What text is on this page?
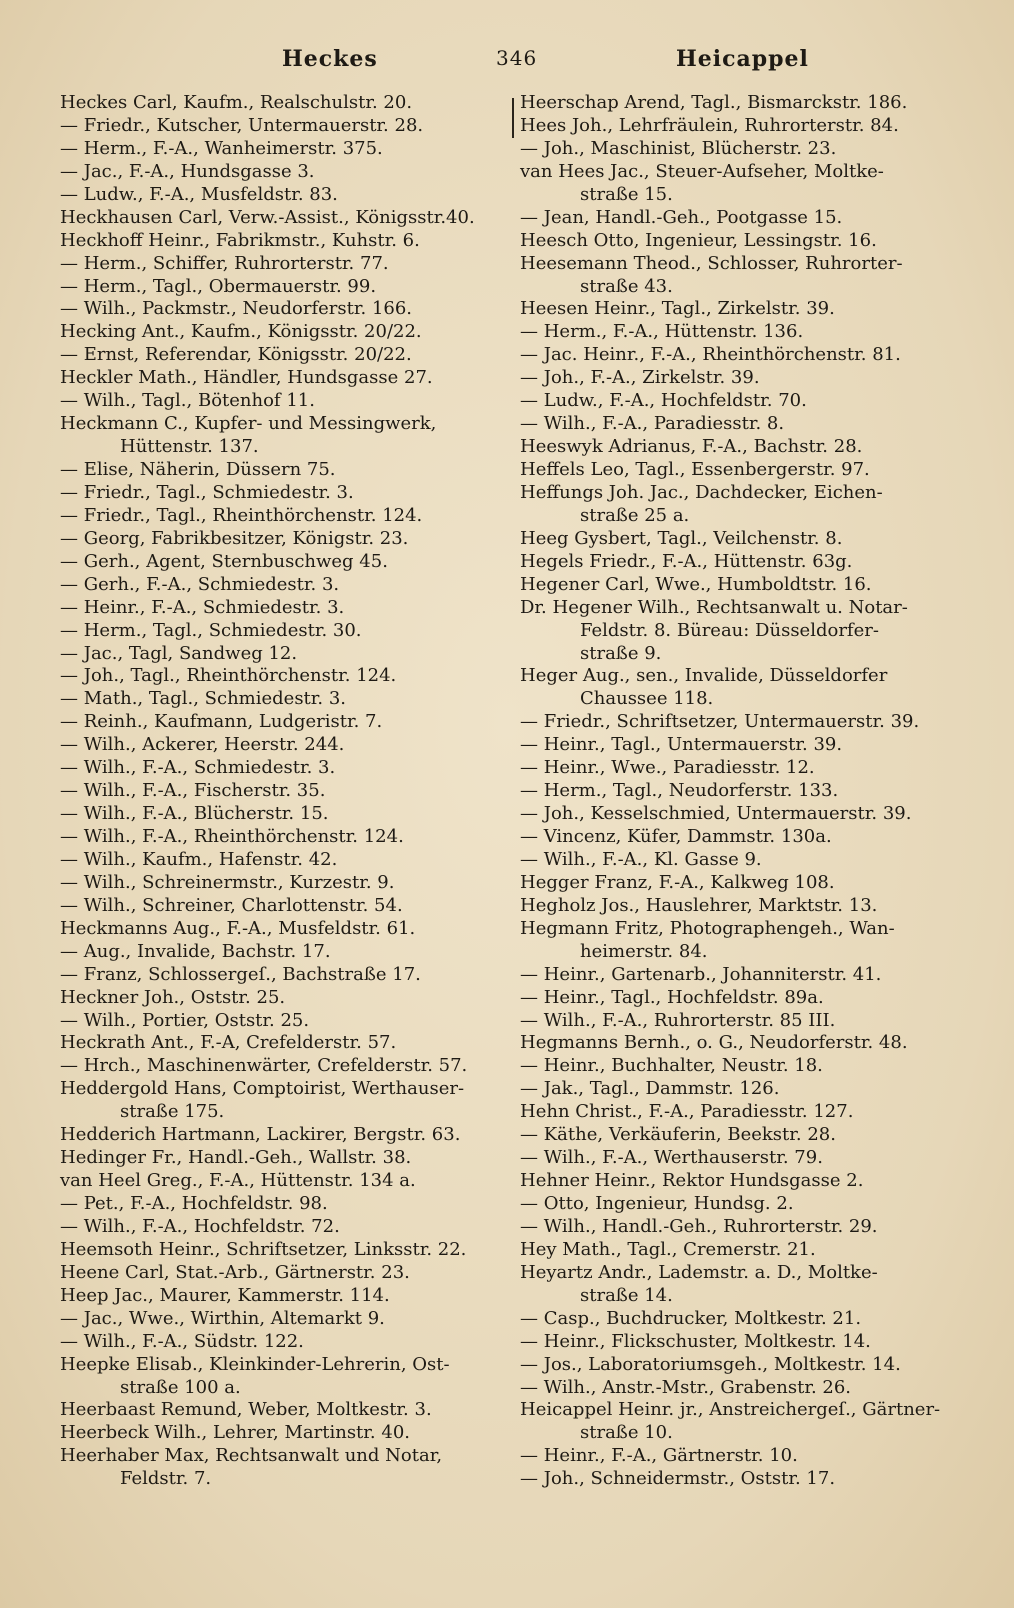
Heckes	346	Heicappel
Heckes Carl, Kaufm., Realschulstr. 20.
— Friedr., Kutscher, Untermauerstr. 28.
— Herm., F.-A., Wanheimerstr. 375.
— Jac., F.-A., Hundsgasse 3.
— Ludw., F.-A., Musfeldstr. 83.
Heckhausen Carl, Verw.-Assist., Königsstr.40.
Heckhoff Heinr., Fabrikmstr., Kuhstr. 6.
— Herm., Schiffer, Ruhrorterstr. 77.
— Herm., Tagl., Obermauerstr. 99.
— Wilh., Packmstr., Neudorferstr. 166.
Hecking Ant., Kaufm., Königsstr. 20/22.
— Ernst, Referendar, Königsstr. 20/22.
Heckler Math., Händler, Hundsgasse 27.
— Wilh., Tagl., Bötenhof 11.
Heckmann C., Kupfer- und Messingwerk,
Hüttenstr. 137.
— Elise, Näherin, Düssern 75.
— Friedr., Tagl., Schmiedestr. 3.
— Friedr., Tagl., Rheinthörchenstr. 124.
— Georg, Fabrikbesitzer, Königstr. 23.
— Gerh., Agent, Sternbuschweg 45.
— Gerh., F.-A., Schmiedestr. 3.
— Heinr., F.-A., Schmiedestr. 3.
— Herm., Tagl., Schmiedestr. 30.
— Jac., Tagl, Sandweg 12.
— Joh., Tagl., Rheinthörchenstr. 124.
— Math., Tagl., Schmiedestr. 3.
— Reinh., Kaufmann, Ludgeristr. 7.
— Wilh., Ackerer, Heerstr. 244.
— Wilh., F.-A., Schmiedestr. 3.
— Wilh., F.-A., Fischerstr. 35.
— Wilh., F.-A., Blücherstr. 15.
— Wilh., F.-A., Rheinthörchenstr. 124.
— Wilh., Kaufm., Hafenstr. 42.
— Wilh., Schreinermstr., Kurzestr. 9.
— Wilh., Schreiner, Charlottenstr. 54.
Heckmanns Aug., F.-A., Musfeldstr. 61.
— Aug., Invalide, Bachstr. 17.
— Franz, Schlossergeſ., Bachstraße 17.
Heckner Joh., Oststr. 25.
— Wilh., Portier, Oststr. 25.
Heckrath Ant., F.-A, Crefelderstr. 57.
— Hrch., Maschinenwärter, Crefelderstr. 57.
Heddergold Hans, Comptoirist, Werthauser-
straße 175.
Hedderich Hartmann, Lackirer, Bergstr. 63.
Hedinger Fr., Handl.-Geh., Wallstr. 38.
van Heel Greg., F.-A., Hüttenstr. 134 a.
— Pet., F.-A., Hochfeldstr. 98.
— Wilh., F.-A., Hochfeldstr. 72.
Heemsoth Heinr., Schriftsetzer, Linksstr. 22.
Heene Carl, Stat.-Arb., Gärtnerstr. 23.
Heep Jac., Maurer, Kammerstr. 114.
— Jac., Wwe., Wirthin, Altemarkt 9.
— Wilh., F.-A., Südstr. 122.
Heepke Elisab., Kleinkinder-Lehrerin, Ost-
straße 100 a.
Heerbaast Remund, Weber, Moltkestr. 3.
Heerbeck Wilh., Lehrer, Martinstr. 40.
Heerhaber Max, Rechtsanwalt und Notar,
Feldstr. 7.
Heerschap Arend, Tagl., Bismarckstr. 186.
Hees Joh., Lehrfräulein, Ruhrorterstr. 84.
— Joh., Maschinist, Blücherstr. 23.
van Hees Jac., Steuer-Aufseher, Moltke-
straße 15.
— Jean, Handl.-Geh., Pootgasse 15.
Heesch Otto, Ingenieur, Lessingstr. 16.
Heesemann Theod., Schlosser, Ruhrorter-
straße 43.
Heesen Heinr., Tagl., Zirkelstr. 39.
— Herm., F.-A., Hüttenstr. 136.
— Jac. Heinr., F.-A., Rheinthörchenstr. 81.
— Joh., F.-A., Zirkelstr. 39.
— Ludw., F.-A., Hochfeldstr. 70.
— Wilh., F.-A., Paradiesstr. 8.
Heeswyk Adrianus, F.-A., Bachstr. 28.
Heffels Leo, Tagl., Essenbergerstr. 97.
Heffungs Joh. Jac., Dachdecker, Eichen-
straße 25 a.
Heeg Gysbert, Tagl., Veilchenstr. 8.
Hegels Friedr., F.-A., Hüttenstr. 63g.
Hegener Carl, Wwe., Humboldtstr. 16.
Dr. Hegener Wilh., Rechtsanwalt u. Notar-
Feldstr. 8. Büreau: Düsseldorfer-
straße 9.
Heger Aug., sen., Invalide, Düsseldorfer
Chaussee 118.
— Friedr., Schriftsetzer, Untermauerstr. 39.
— Heinr., Tagl., Untermauerstr. 39.
— Heinr., Wwe., Paradiesstr. 12.
— Herm., Tagl., Neudorferstr. 133.
— Joh., Kesselschmied, Untermauerstr. 39.
— Vincenz, Küfer, Dammstr. 130a.
— Wilh., F.-A., Kl. Gasse 9.
Hegger Franz, F.-A., Kalkweg 108.
Hegholz Jos., Hauslehrer, Marktstr. 13.
Hegmann Fritz, Photographengeh., Wan-
heimerstr. 84.
— Heinr., Gartenarb., Johanniterstr. 41.
— Heinr., Tagl., Hochfeldstr. 89a.
— Wilh., F.-A., Ruhrorterstr. 85 III.
Hegmanns Bernh., o. G., Neudorferstr. 48.
— Heinr., Buchhalter, Neustr. 18.
— Jak., Tagl., Dammstr. 126.
Hehn Christ., F.-A., Paradiesstr. 127.
— Käthe, Verkäuferin, Beekstr. 28.
— Wilh., F.-A., Werthauserstr. 79.
Hehner Heinr., Rektor Hundsgasse 2.
— Otto, Ingenieur, Hundsg. 2.
— Wilh., Handl.-Geh., Ruhrorterstr. 29.
Hey Math., Tagl., Cremerstr. 21.
Heyartz Andr., Lademstr. a. D., Moltke-
straße 14.
— Casp., Buchdrucker, Moltkestr. 21.
— Heinr., Flickschuster, Moltkestr. 14.
— Jos., Laboratoriumsgeh., Moltkestr. 14.
— Wilh., Anstr.-Mstr., Grabenstr. 26.
Heicappel Heinr. jr., Anstreichergeſ., Gärtner-
straße 10.
— Heinr., F.-A., Gärtnerstr. 10.
— Joh., Schneidermstr., Oststr. 17.
